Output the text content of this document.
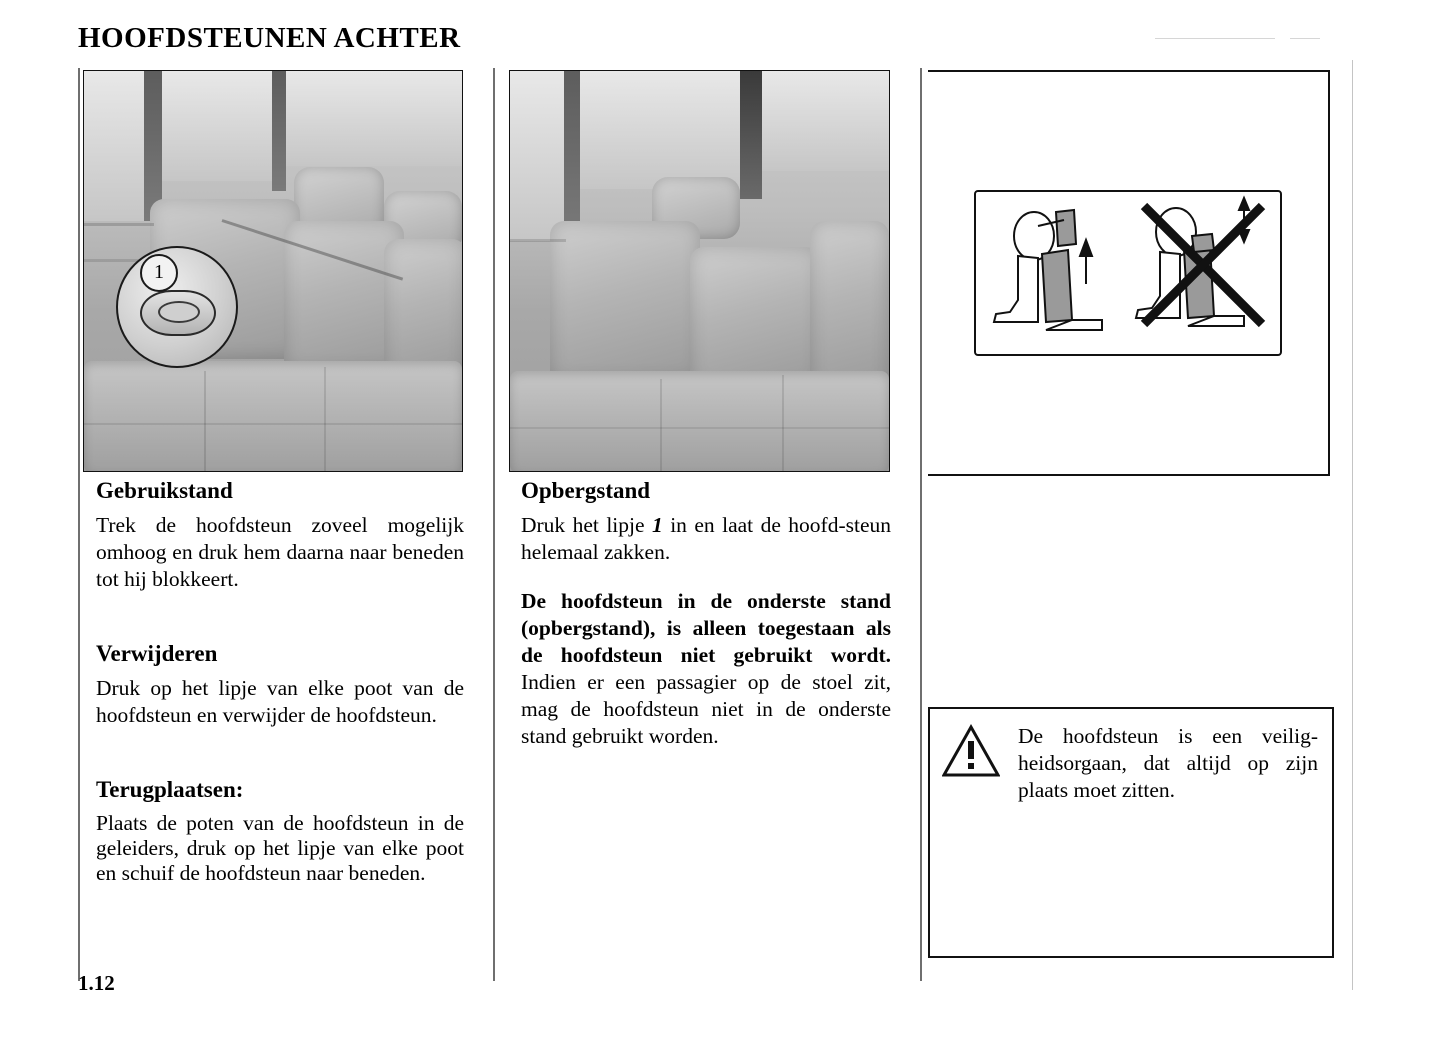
HOOFDSTEUNEN ACHTER
1
Gebruikstand

Trek de hoofdsteun zoveel mogelijk omhoog en druk hem daarna naar beneden tot hij blokkeert.

Verwijderen

Druk op het lipje van elke poot van de hoofdsteun en verwijder de hoofdsteun.

Terugplaatsen:

Plaats de poten van de hoofdsteun in de geleiders, druk op het lipje van elke poot en schuif de hoofdsteun naar beneden.

Opbergstand

Druk het lipje 1 in en laat de hoofd-steun helemaal zakken.

De hoofdsteun in de onderste stand (opbergstand), is alleen toegestaan als de hoofdsteun niet gebruikt wordt. Indien er een passagier op de stoel zit, mag de hoofdsteun niet in de onderste stand gebruikt worden.	De hoofdsteun is een veilig-heidsorgaan, dat altijd op zijn plaats moet zitten.
1.12
